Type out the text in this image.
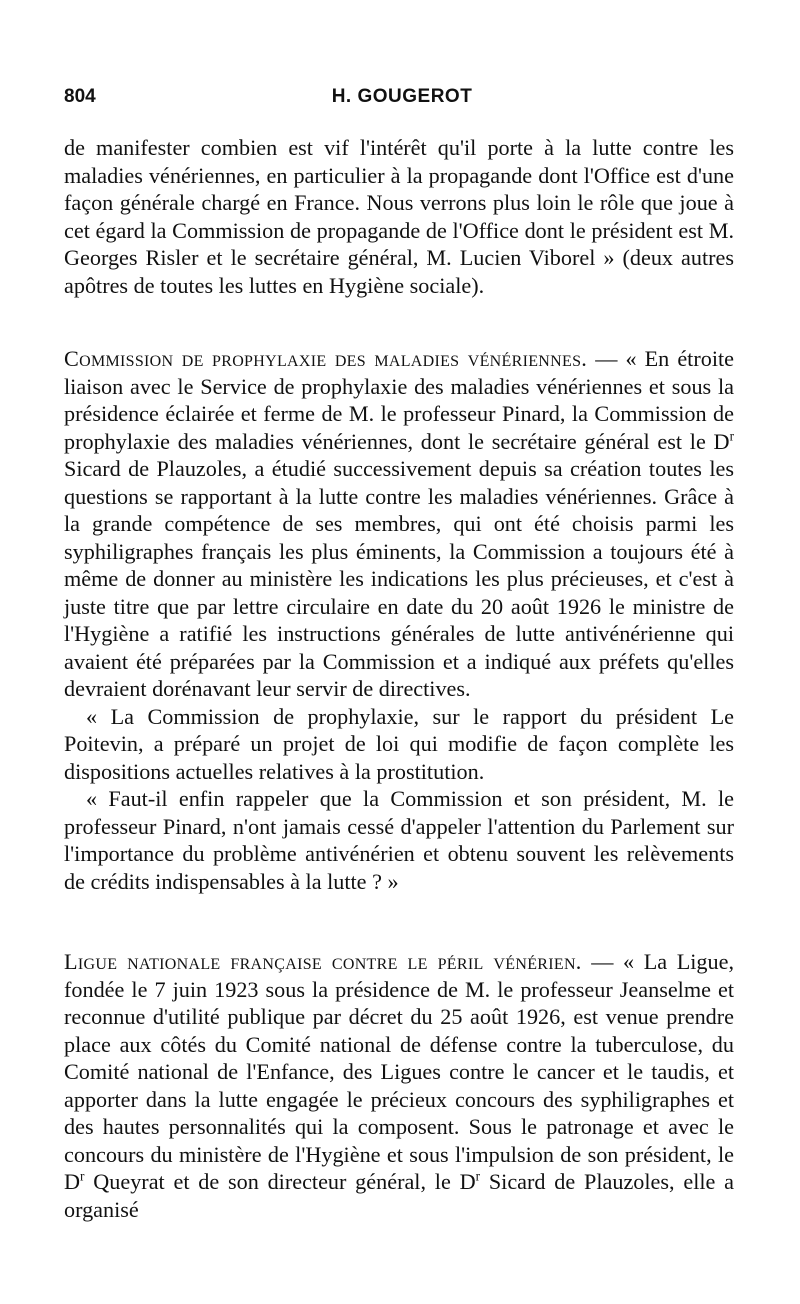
804	H. GOUGEROT

de manifester combien est vif l'intérêt qu'il porte à la lutte contre les maladies vénériennes, en particulier à la propagande dont l'Office est d'une façon générale chargé en France. Nous verrons plus loin le rôle que joue à cet égard la Commission de propagande de l'Office dont le président est M. Georges Risler et le secrétaire général, M. Lucien Viborel » (deux autres apôtres de toutes les luttes en Hygiène sociale).

Commission de prophylaxie des maladies vénériennes. — « En étroite liaison avec le Service de prophylaxie des maladies vénériennes et sous la présidence éclairée et ferme de M. le professeur Pinard, la Commission de prophylaxie des maladies vénériennes, dont le secrétaire général est le $D^r$ Sicard de Plauzoles, a étudié successivement depuis sa création toutes les questions se rapportant à la lutte contre les maladies vénériennes. Grâce à la grande compétence de ses membres, qui ont été choisis parmi les syphiligraphes français les plus éminents, la Commission a toujours été à même de donner au ministère les indications les plus précieuses, et c'est à juste titre que par lettre circulaire en date du 20 août 1926 le ministre de l'Hygiène a ratifié les instructions générales de lutte antivénérienne qui avaient été préparées par la Commission et a indiqué aux préfets qu'elles devraient dorénavant leur servir de directives.

« La Commission de prophylaxie, sur le rapport du président Le Poitevin, a préparé un projet de loi qui modifie de façon complète les dispositions actuelles relatives à la prostitution.

« Faut-il enfin rappeler que la Commission et son président, M. le professeur Pinard, n'ont jamais cessé d'appeler l'attention du Parlement sur l'importance du problème antivénérien et obtenu souvent les relèvements de crédits indispensables à la lutte ? »

Ligue nationale française contre le péril vénérien. — « La Ligue, fondée le 7 juin 1923 sous la présidence de M. le professeur Jeanselme et reconnue d'utilité publique par décret du 25 août 1926, est venue prendre place aux côtés du Comité national de défense contre la tuberculose, du Comité national de l'Enfance, des Ligues contre le cancer et le taudis, et apporter dans la lutte engagée le précieux concours des syphiligraphes et des hautes personnalités qui la composent. Sous le patronage et avec le concours du ministère de l'Hygiène et sous l'impulsion de son président, le $D^r$ Queyrat et de son directeur général, le $D^r$ Sicard de Plauzoles, elle a organisé
